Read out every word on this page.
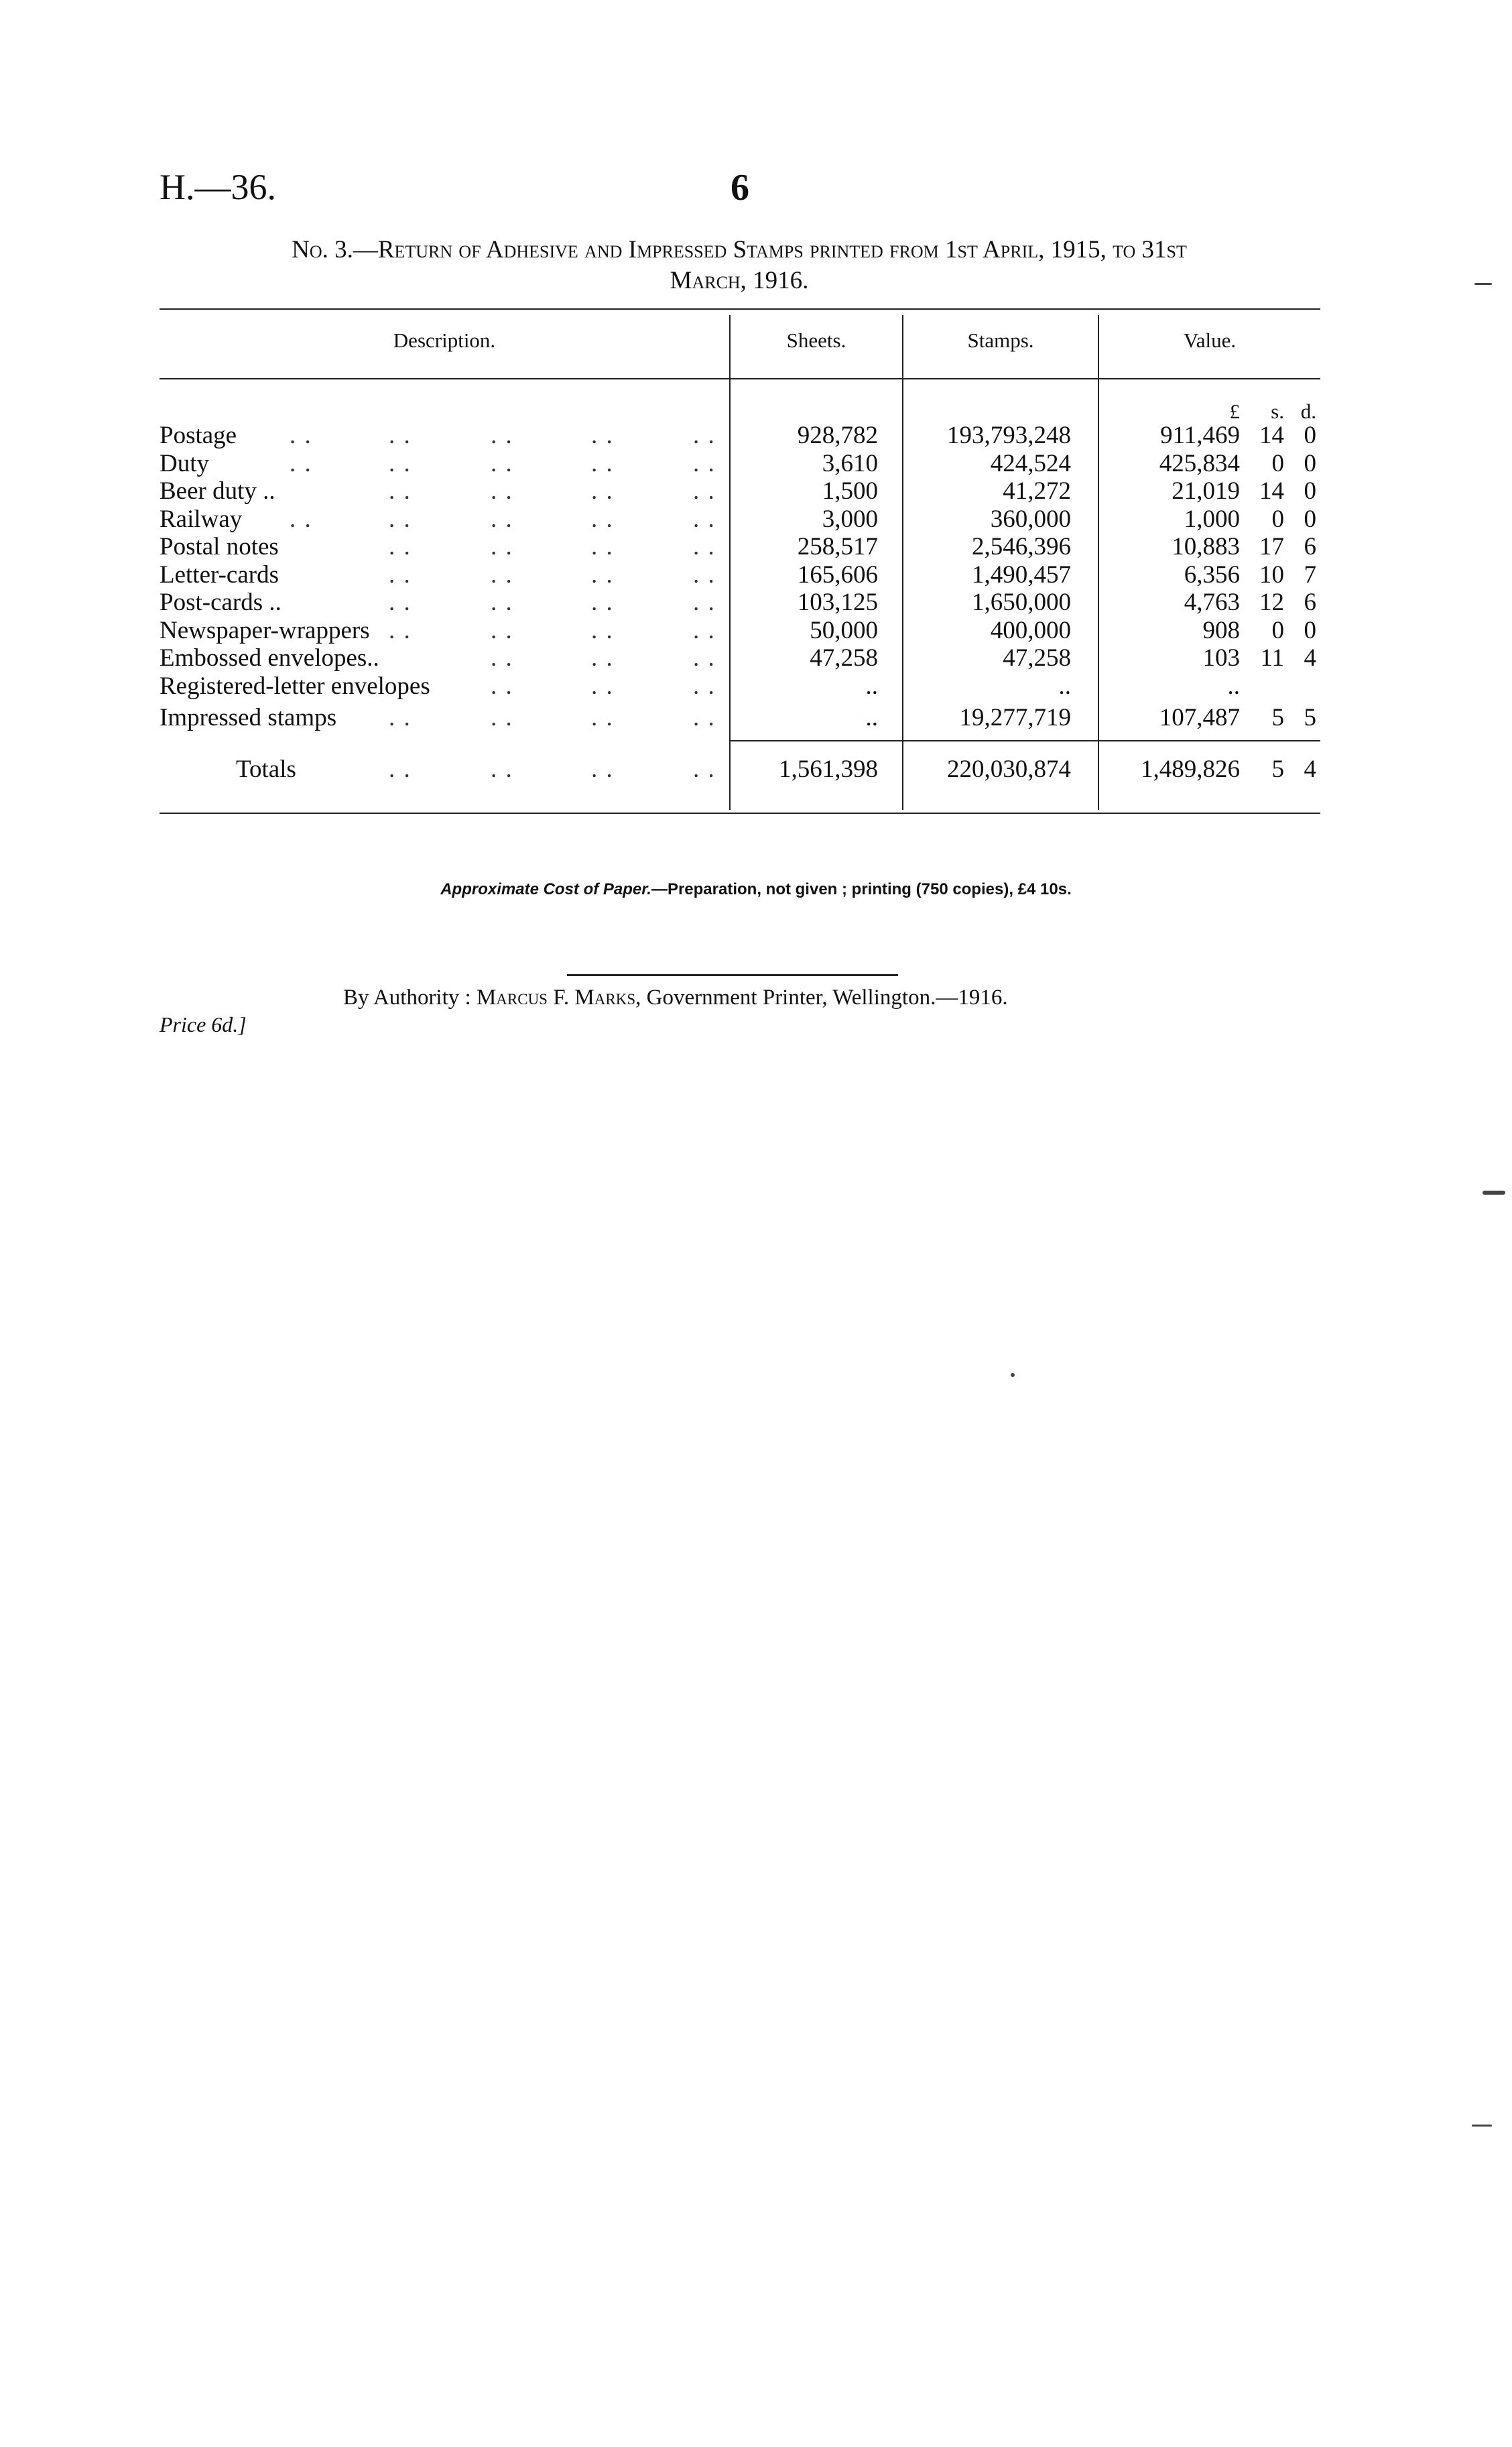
H.—36.	6
No. 3.—Return of Adhesive and Impressed Stamps printed from 1st April, 1915, to 31st
March, 1916.
Description.	Sheets.	Stamps.	Value.
£ s. d.
Postage . .	. .	. .	. .	. .	928,782	193,793,248	911,469 14 0
Duty	. .	. .	. .	. .	. .	3,610	424,524	425,834 0 0
Beer duty ..	. .	. .	. .	. .	1,500	41,272	21,019 14 0
Railway . .	. .	. .	. .	. .	3,000	360,000	1,000 0 0
Postal notes	. .	. .	. .	. .	258,517	2,546,396	10,883 17 6
Letter-cards	. .	. .	. .	. .	165,606	1,490,457	6,356 10 7
Post-cards ..	. .	. .	. .	. .	103,125	1,650,000	4,763 12 6
Newspaper-wrappers . .	. .	. .	. .	50,000	400,000	908 0 0
Embossed envelopes..	. .	. .	. .	47,258	47,258	103 11 4
Registered-letter envelopes . .	. .	. .	..	..	..
Impressed stamps . .	. .	. .	. .	..	19,277,719	107,487 5 5
Totals	. .	. .	. .	. .	1,561,398	220,030,874	1,489,826 5 4
Approximate Cost of Paper.—Preparation, not given ; printing (750 copies), £4 10s.
By Authority : Marcus F. Marks, Government Printer, Wellington.—1916.
Price 6d.]
